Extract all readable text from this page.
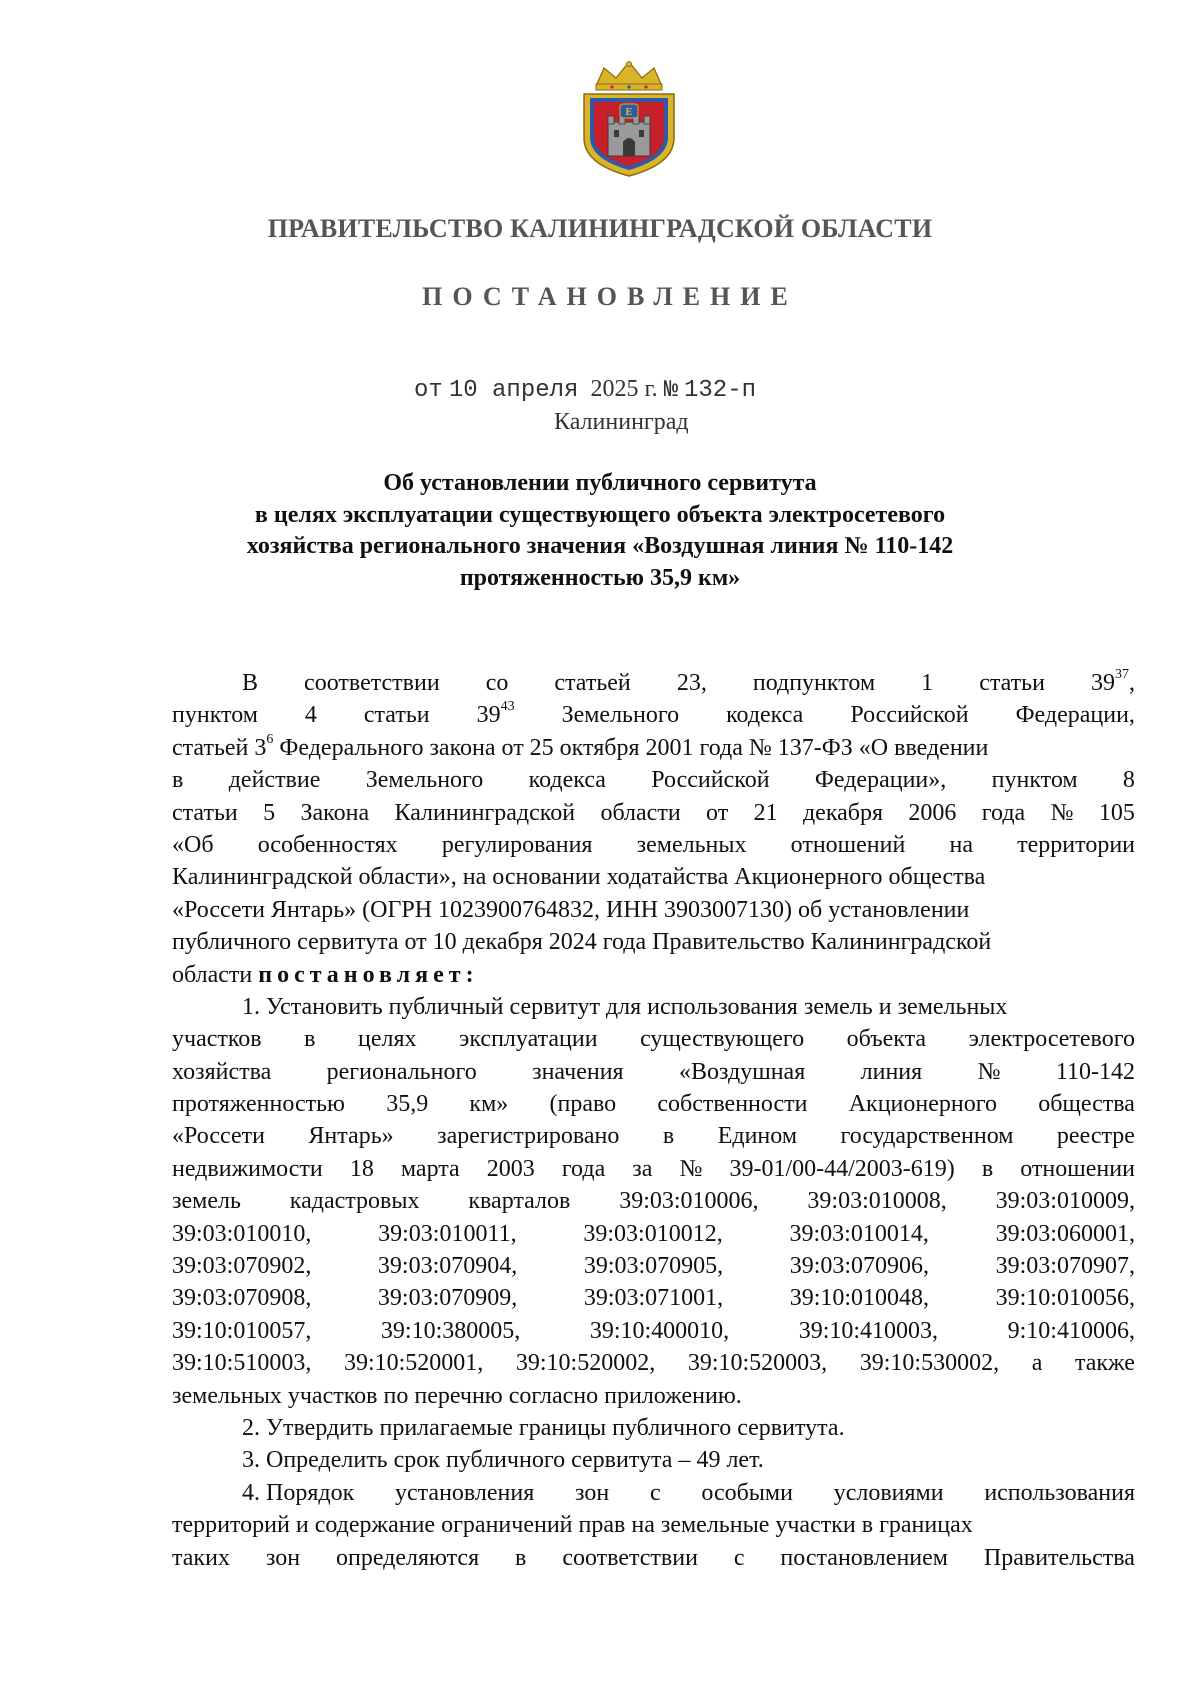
Е
ПРАВИТЕЛЬСТВО КАЛИНИНГРАДСКОЙ ОБЛАСТИ
ПОСТАНОВЛЕНИЕ
от 10 апреля 2025 г. № 132-п
Калининград
Об установлении публичного сервитута
в целях эксплуатации существующего объекта электросетевого
хозяйства регионального значения «Воздушная линия № 110-142
протяженностью 35,9 км»
В соответствии со статьей 23, подпунктом 1 статьи $39^{37}$,
пунктом 4 статьи $39^{43}$ Земельного кодекса Российской Федерации,
статьей $3^6$ Федерального закона от 25 октября 2001 года № 137-ФЗ «О введении
в действие Земельного кодекса Российской Федерации», пунктом 8
статьи 5 Закона Калининградской области от 21 декабря 2006 года № 105
«Об особенностях регулирования земельных отношений на территории
Калининградской области», на основании ходатайства Акционерного общества
«Россети Янтарь» (ОГРН 1023900764832, ИНН 3903007130) об установлении
публичного сервитута от 10 декабря 2024 года Правительство Калининградской
области постановляет:
1. Установить публичный сервитут для использования земель и земельных
участков в целях эксплуатации существующего объекта электросетевого
хозяйства регионального значения «Воздушная линия № 110-142
протяженностью 35,9 км» (право собственности Акционерного общества
«Россети Янтарь» зарегистрировано в Едином государственном реестре
недвижимости 18 марта 2003 года за № 39-01/00-44/2003-619) в отношении
земель кадастровых кварталов 39:03:010006, 39:03:010008, 39:03:010009,
39:03:010010,	39:03:010011,	39:03:010012,	39:03:010014,	39:03:060001,
39:03:070902,	39:03:070904,	39:03:070905,	39:03:070906,	39:03:070907,
39:03:070908,	39:03:070909,	39:03:071001,	39:10:010048,	39:10:010056,
39:10:010057,	39:10:380005,	39:10:400010,	39:10:410003,	9:10:410006,
39:10:510003, 39:10:520001, 39:10:520002, 39:10:520003, 39:10:530002, а также
земельных участков по перечню согласно приложению.
2. Утвердить прилагаемые границы публичного сервитута.
3. Определить срок публичного сервитута – 49 лет.
4. Порядок установления зон с особыми условиями использования
территорий и содержание ограничений прав на земельные участки в границах
таких зон определяются в соответствии с постановлением Правительства
